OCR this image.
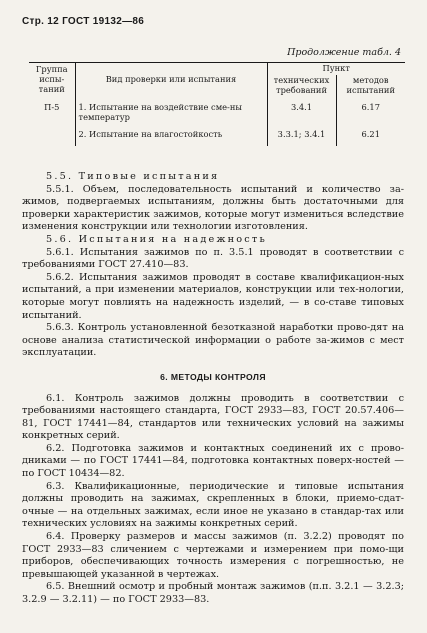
Стр. 12 ГОСТ 19132—86
Продолжение табл. 4
Группа испы-таний	Вид проверки или испытания	Пункт	
		технических требований	методов испытаний
П-5	1. Испытание на воздействие сме-ны температур	3.4.1	6.17
	2. Испытание на влагостойкость	3.3.1; 3.4.1	6.21

5.5. Типовые испытания

5.5.1. Объем, последовательность испытаний и количество за-жимов, подвергаемых испытаниям, должны быть достаточными для проверки характеристик зажимов, которые могут измениться вследствие изменения конструкции или технологии изготовления.

5.6. Испытания на надежность

5.6.1. Испытания зажимов по п. 3.5.1 проводят в соответствии с требованиями ГОСТ 27.410—83.

5.6.2. Испытания зажимов проводят в составе квалификацион-ных испытаний, а при изменении материалов, конструкции или тех-нологии, которые могут повлиять на надежность изделий, — в со-ставе типовых испытаний.

5.6.3. Контроль установленной безотказной наработки прово-дят на основе анализа статистической информации о работе за-жимов с мест эксплуатации.

6. МЕТОДЫ КОНТРОЛЯ

6.1. Контроль зажимов должны проводить в соответствии с требованиями настоящего стандарта, ГОСТ 2933—83, ГОСТ 20.57.406—81, ГОСТ 17441—84, стандартов или технических условий на зажимы конкретных серий.

6.2. Подготовка зажимов и контактных соединений их с прово-дниками — по ГОСТ 17441—84, подготовка контактных поверх-ностей — по ГОСТ 10434—82.

6.3. Квалификационные, периодические и типовые испытания должны проводить на зажимах, скрепленных в блоки, приемо-сдат-очные — на отдельных зажимах, если иное не указано в стандар-тах или технических условиях на зажимы конкретных серий.

6.4. Проверку размеров и массы зажимов (п. 3.2.2) проводят по ГОСТ 2933—83 сличением с чертежами и измерением при помо-щи приборов, обеспечивающих точность измерения с погрешностью, не превышающей указанной в чертежах.

6.5. Внешний осмотр и пробный монтаж зажимов (п.п. 3.2.1 — 3.2.3; 3.2.9 — 3.2.11) — по ГОСТ 2933—83.
